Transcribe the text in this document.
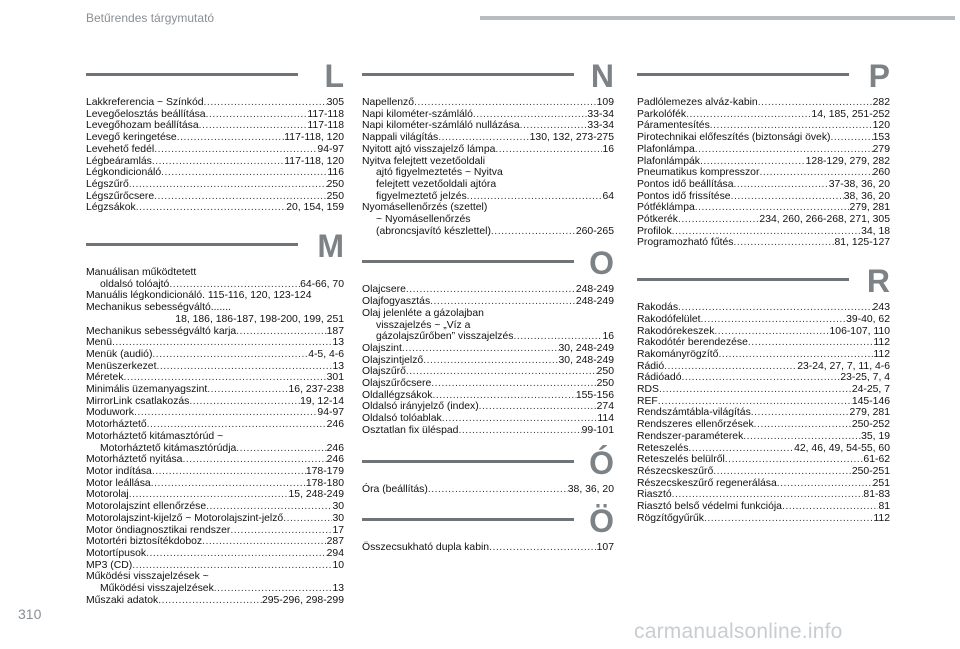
Betűrendes tárgymutató
L
Lakkreferencia ~ Színkód .....	305
Levegőelosztás beállítása .....	117-118
Levegőhozam beállítása .....	117-118
Levegő keringetése .....	117-118, 120
Levehető fedél .....	94-97
Légbeáramlás .....	117-118, 120
Légkondicionáló .....	116
Légszűrő .....	250
Légszűrőcsere .....	250
Légzsákok .....	20, 154, 159
M
Manuálisan működtetett
oldalsó tolóajtó .....	64-66, 70
Manuális légkondicionáló. 115-116, 120, 123-124
Mechanikus sebességváltó.......
18, 186, 186-187, 198-200, 199, 251
Mechanikus sebességváltó karja .....	187
Menü .....	13
Menük (audió) .....	4-5, 4-6
Menüszerkezet .....	13
Méretek .....	301
Minimális üzemanyagszint .....	16, 237-238
MirrorLink csatlakozás .....	19, 12-14
Moduwork .....	94-97
Motorháztető .....	246
Motorháztető kitámasztórúd ~
Motorháztető kitámasztórúdja .....	246
Motorháztető nyitása .....	246
Motor indítása .....	178-179
Motor leállása .....	178-180
Motorolaj .....	15, 248-249
Motorolajszint ellenőrzése .....	30
Motorolajszint-kijelző ~ Motorolajszint-jelző .....	30
Motor öndiagnosztikai rendszer .....	17
Motortéri biztosítékdoboz .....	287
Motortípusok .....	294
MP3 (CD) .....	10
Működési visszajelzések ~
Működési visszajelzések .....	13
Műszaki adatok .....	295-296, 298-299
N
Napellenző .....	109
Napi kilométer-számláló .....	33-34
Napi kilométer-számláló nullázása .....	33-34
Nappali világítás .....	130, 132, 273-275
Nyitott ajtó visszajelző lámpa .....	16
Nyitva felejtett vezetőoldali
ajtó figyelmeztetés ~ Nyitva
felejtett vezetőoldali ajtóra
figyelmeztető jelzés .....	64
Nyomásellenőrzés (szettel)
~ Nyomásellenőrzés
(abroncsjavító készlettel) .....	260-265
O
Olajcsere .....	248-249
Olajfogyasztás .....	248-249
Olaj jelenléte a gázolajban
visszajelzés ~ „Víz a
gázolajszűrőben” visszajelzés .....	16
Olajszint .....	30, 248-249
Olajszintjelző .....	30, 248-249
Olajszűrő .....	250
Olajszűrőcsere .....	250
Oldallégzsákok .....	155-156
Oldalsó irányjelző (index) .....	274
Oldalsó tolóablak .....	114
Osztatlan fix üléspad .....	99-101
Ó
Óra (beállítás) .....	38, 36, 20
Ö
Összecsukható dupla kabin .....	107
P
Padlólemezes alváz-kabin .....	282
Parkolófék .....	14, 185, 251-252
Páramentesítés .....	120
Pirotechnikai előfeszítés (biztonsági övek) .....	153
Plafonlámpa .....	279
Plafonlámpák .....	128-129, 279, 282
Pneumatikus kompresszor .....	260
Pontos idő beállítása .....	37-38, 36, 20
Pontos idő frissítése .....	38, 36, 20
Pótféklámpa .....	279, 281
Pótkerék .....	234, 260, 266-268, 271, 305
Profilok .....	34, 18
Programozható fűtés .....	81, 125-127
R
Rakodás .....	243
Rakodófelület .....	39-40, 62
Rakodórekeszek .....	106-107, 110
Rakodótér berendezése .....	112
Rakományrögzítő .....	112
Rádió .....	23-24, 27, 7, 11, 4-6
Rádióadó .....	23-25, 7, 4
RDS .....	24-25, 7
REF .....	145-146
Rendszámtábla-világítás .....	279, 281
Rendszeres ellenőrzések .....	250-252
Rendszer-paraméterek .....	35, 19
Reteszelés .....	42, 46, 49, 54-55, 60
Reteszelés belülről .....	61-62
Részecskeszűrő .....	250-251
Részecskeszűrő regenerálása .....	251
Riasztó .....	81-83
Riasztó belső védelmi funkciója .....	81
Rögzítőgyűrűk .....	112
310
carmanualsonline.info
